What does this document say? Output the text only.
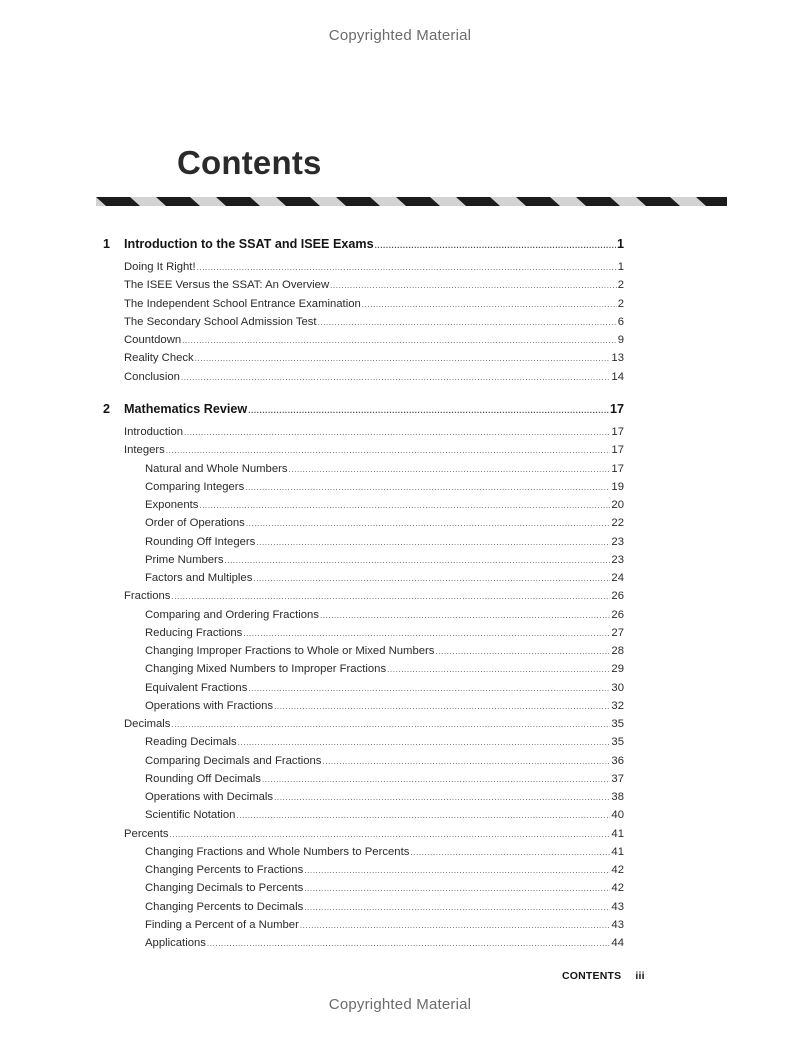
Copyrighted Material
Contents
1 Introduction to the SSAT and ISEE Exams .....	1
Doing It Right! .....	1
The ISEE Versus the SSAT: An Overview .....	2
The Independent School Entrance Examination .....	2
The Secondary School Admission Test .....	6
Countdown .....	9
Reality Check .....	13
Conclusion .....	14
2 Mathematics Review .....	17
Introduction .....	17
Integers .....	17
Natural and Whole Numbers .....	17
Comparing Integers .....	19
Exponents .....	20
Order of Operations .....	22
Rounding Off Integers .....	23
Prime Numbers .....	23
Factors and Multiples .....	24
Fractions .....	26
Comparing and Ordering Fractions .....	26
Reducing Fractions .....	27
Changing Improper Fractions to Whole or Mixed Numbers .....	28
Changing Mixed Numbers to Improper Fractions .....	29
Equivalent Fractions .....	30
Operations with Fractions .....	32
Decimals .....	35
Reading Decimals .....	35
Comparing Decimals and Fractions .....	36
Rounding Off Decimals .....	37
Operations with Decimals .....	38
Scientific Notation .....	40
Percents .....	41
Changing Fractions and Whole Numbers to Percents .....	41
Changing Percents to Fractions .....	42
Changing Decimals to Percents .....	42
Changing Percents to Decimals .....	43
Finding a Percent of a Number .....	43
Applications .....	44
CONTENTS iii
Copyrighted Material
